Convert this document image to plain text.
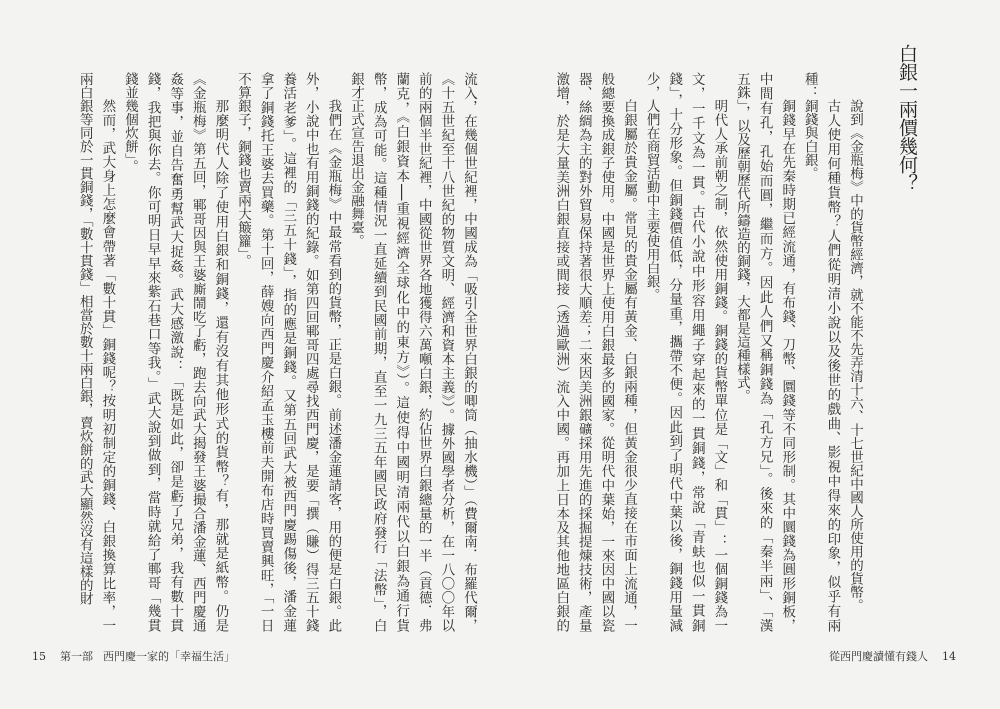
白銀一兩價幾何？
說到《金瓶梅》中的貨幣經濟，就不能不先弄清十六、十七世紀中國人所使用的貨幣。
古人使用何種貨幣？人們從明清小說以及後世的戲曲、影視中得來的印象，似乎有兩
種：銅錢與白銀。
銅錢早在先秦時期已經流通，有布錢、刀幣、圜錢等不同形制。其中圜錢為圓形銅板，
中間有孔，孔始而圓，繼而方。因此人們又稱銅錢為「孔方兄」。後來的「秦半兩」、「漢
五銖」，以及歷朝歷代所鑄造的銅錢，大都是這種樣式。
明代人承前朝之制，依然使用銅錢。銅錢的貨幣單位是「文」和「貫」：一個銅錢為一
文，一千文為一貫。古代小說中形容用繩子穿起來的一貫銅錢，常說「青蚨也似一貫銅
錢」，十分形象。但銅錢價值低，分量重，攜帶不便。因此到了明代中葉以後，銅錢用量減
少，人們在商貿活動中主要使用白銀。
白銀屬於貴金屬。常見的貴金屬有黃金、白銀兩種，但黃金很少直接在市面上流通，一
般總要換成銀子使用。中國是世界上使用白銀最多的國家。從明代中葉始，一來因中國以瓷
器、絲綢為主的對外貿易保持著很大順差；二來因美洲銀礦採用先進的採掘提煉技術，產量
激增，於是大量美洲白銀直接或間接（透過歐洲）流入中國。再加上日本及其他地區白銀的
從西門慶讀懂有錢人 14
流入，在幾個世紀裡，中國成為「吸引全世界白銀的唧筒（抽水機）」（費爾南．布羅代爾，
《十五世紀至十八世紀的物質文明、經濟和資本主義》）。據外國學者分析，在一八〇〇年以
前的兩個半世紀裡，中國從世界各地獲得六萬噸白銀，約佔世界白銀總量的一半（貢德．弗
蘭克，《白銀資本──重視經濟全球化中的東方》）。這使得中國明清兩代以白銀為通行貨
幣，成為可能。這種情況一直延續到民國前期，直至一九三五年國民政府發行「法幣」，白
銀才正式宣告退出金融舞臺。
我們在《金瓶梅》中最常看到的貨幣，正是白銀。前述潘金蓮請客，用的便是白銀。此
外，小說中也有用銅錢的紀錄。如第四回鄆哥四處尋找西門慶，是要「撰（賺）得三五十錢
養活老爹」。這裡的「三五十錢」，指的應是銅錢。又第五回武大被西門慶踢傷後，潘金蓮
拿了銅錢托王婆去買藥。第十回，薛嫂向西門慶介紹孟玉樓前夫開布店時買賣興旺，「一日
不算銀子，銅錢也賣兩大簸籮」。
那麼明代人除了使用白銀和銅錢，還有沒有其他形式的貨幣？有，那就是紙幣。仍是
《金瓶梅》第五回，鄆哥因與王婆廝鬧吃了虧，跑去向武大揭發王婆撮合潘金蓮、西門慶通
姦等事，並自告奮勇幫武大捉姦。武大感激說：「既是如此，卻是虧了兄弟，我有數十貫
錢，我把與你去。你可明日早早來紫石巷口等我。」武大說到做到，當時就給了鄆哥「幾貫
錢並幾個炊餅」。
然而，武大身上怎麼會帶著「數十貫」銅錢呢？按明初制定的銅錢、白銀換算比率，一
兩白銀等同於一貫銅錢，「數十貫錢」相當於數十兩白銀，賣炊餅的武大顯然沒有這樣的財
15 第一部 西門慶一家的「幸福生活」
